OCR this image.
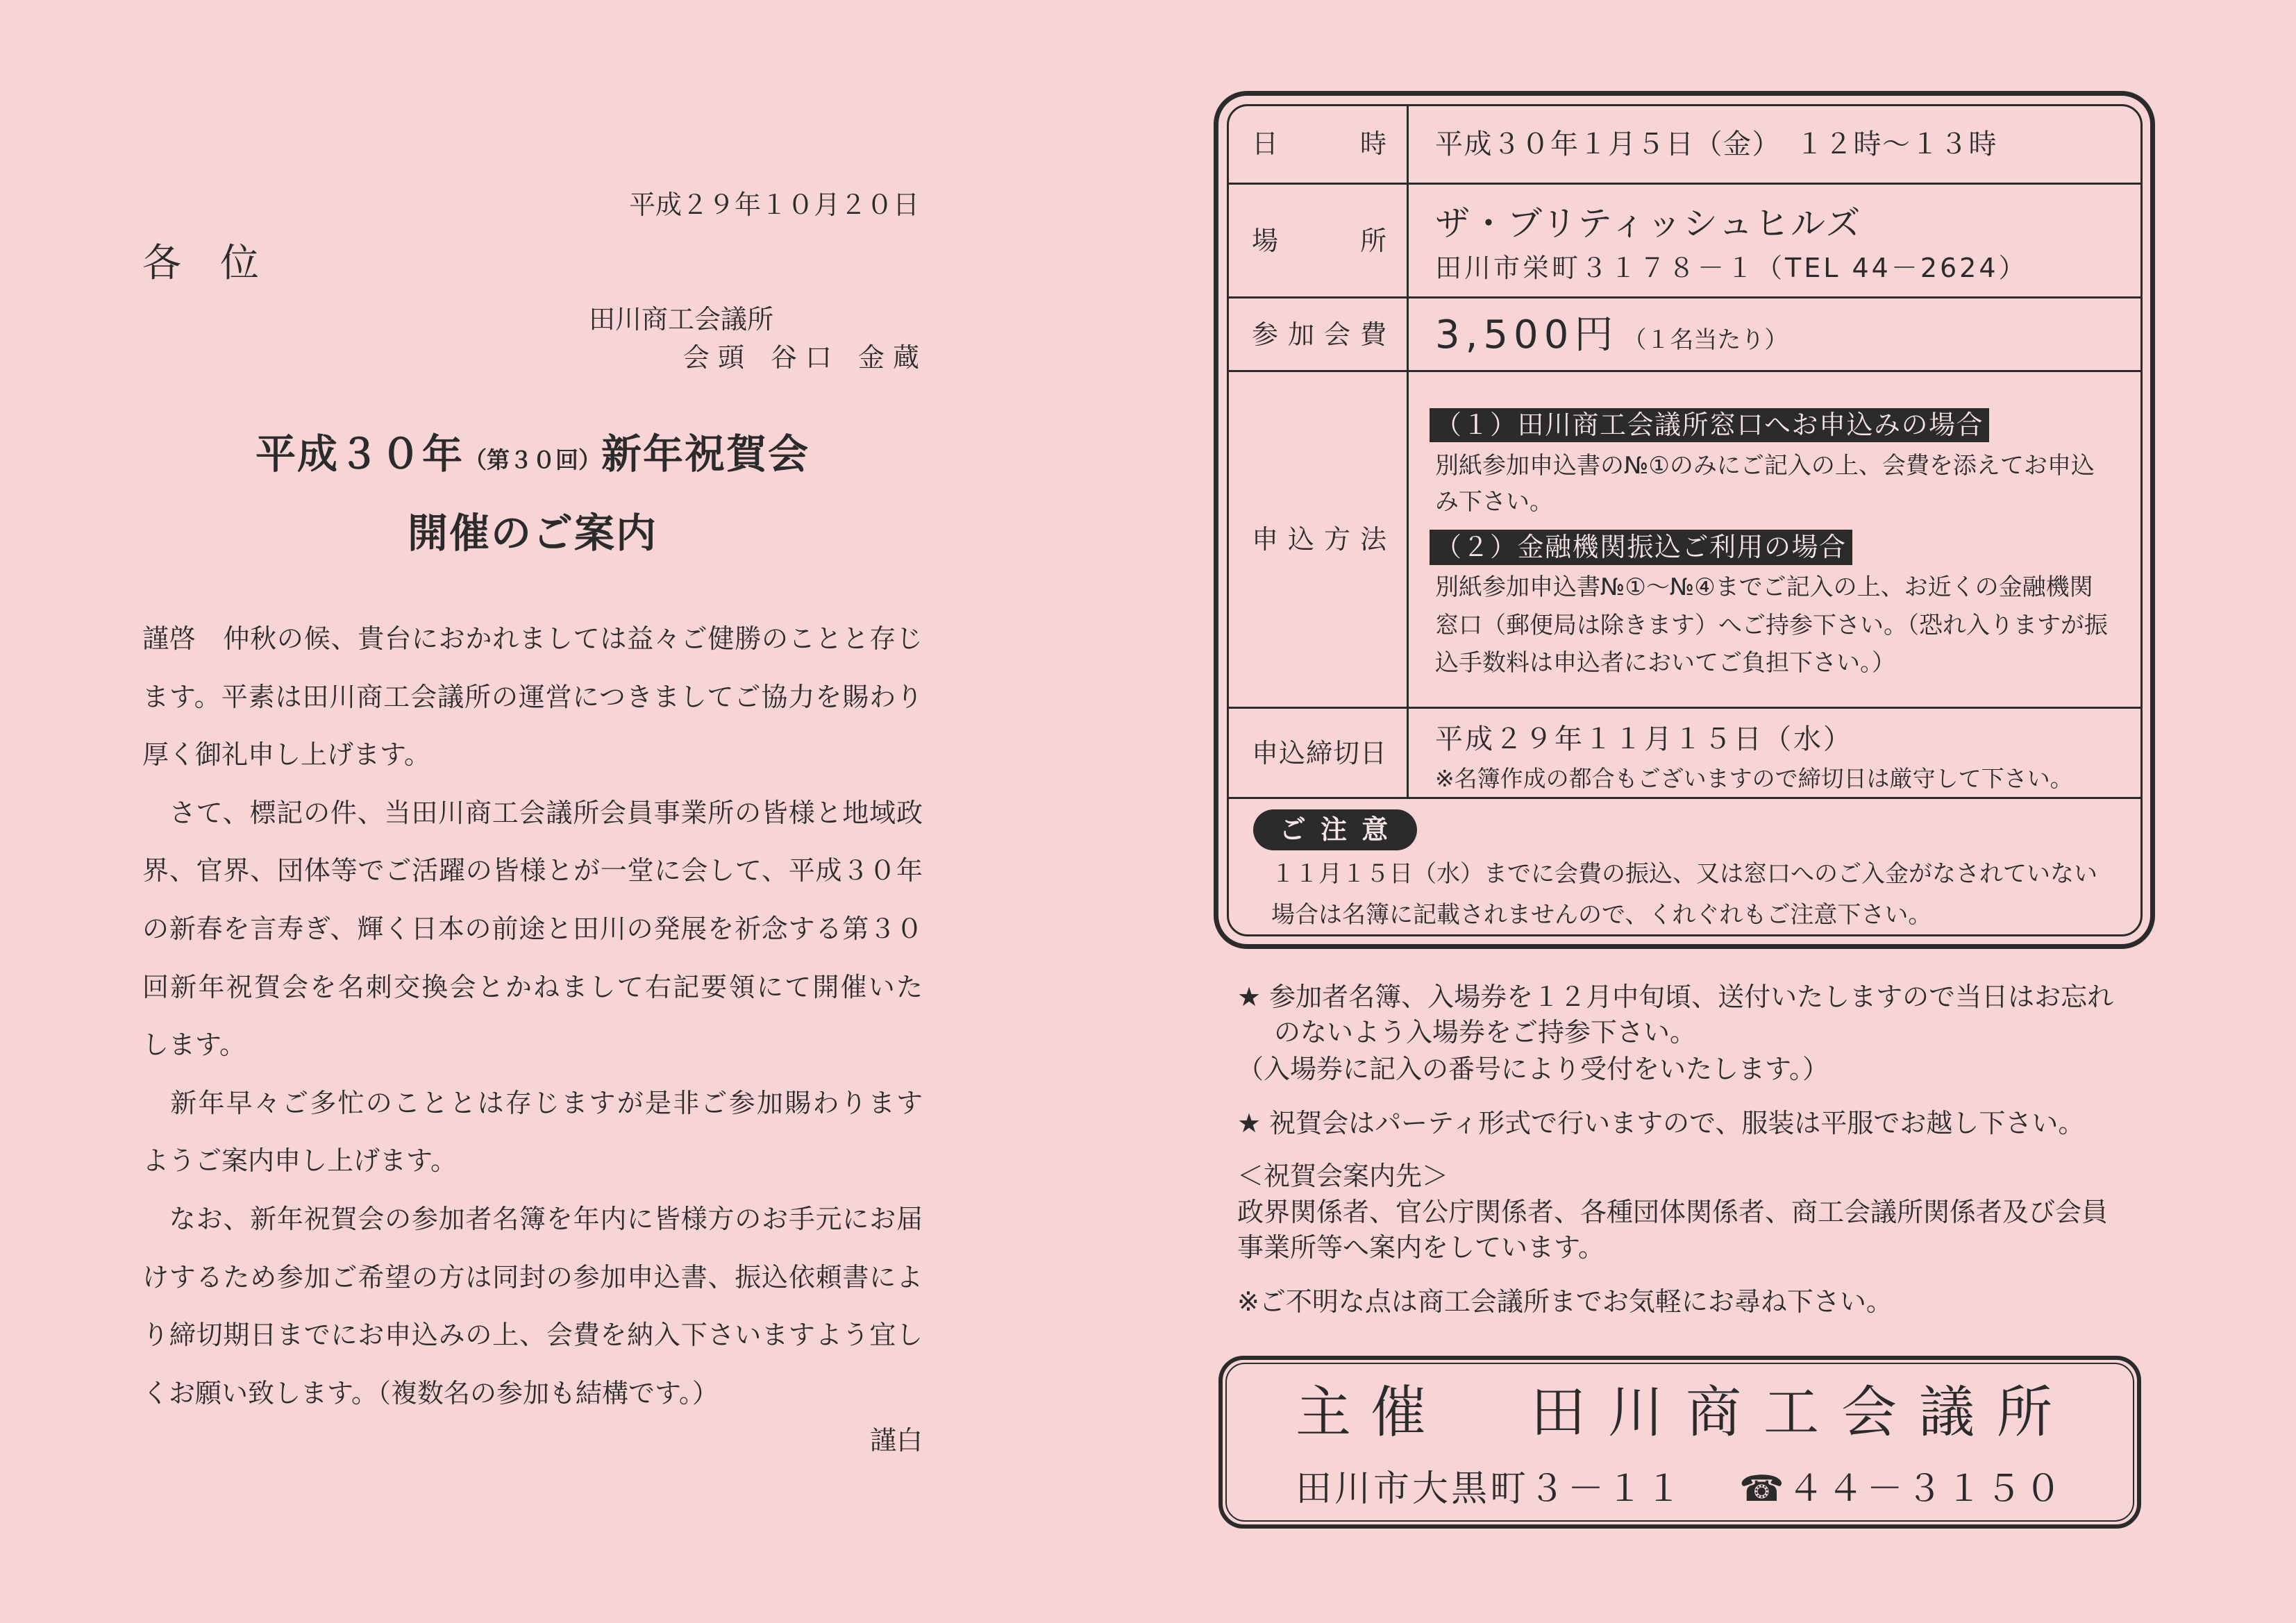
平成２９年１０月２０日
各　位
田川商工会議所
会 頭　谷 口　金 蔵
平成３０年（第３０回）新年祝賀会
開催のご案内
謹啓　仲秋の候、貴台におかれましては益々ご健勝のことと存じ
ます。平素は田川商工会議所の運営につきましてご協力を賜わり
厚く御礼申し上げます。
　さて、標記の件、当田川商工会議所会員事業所の皆様と地域政
界、官界、団体等でご活躍の皆様とが一堂に会して、平成３０年
の新春を言寿ぎ、輝く日本の前途と田川の発展を祈念する第３０
回新年祝賀会を名刺交換会とかねまして右記要領にて開催いた
します。
　新年早々ご多忙のこととは存じますが是非ご参加賜わります
ようご案内申し上げます。
　なお、新年祝賀会の参加者名簿を年内に皆様方のお手元にお届
けするため参加ご希望の方は同封の参加申込書、振込依頼書によ
り締切期日までにお申込みの上、会費を納入下さいますよう宜し
くお願い致します。（複数名の参加も結構です。）
謹白
日　時 平成３０年１月５日（金）　１２時～１３時
場　所 ザ・ブリティッシュヒルズ
田川市栄町３１７８－１（TEL 44－2624）
参加会費 3,500円 （１名当たり）
申込方法
（１）田川商工会議所窓口へお申込みの場合
別紙参加申込書の№①のみにご記入の上、会費を添えてお申込
み下さい。
（２）金融機関振込ご利用の場合
別紙参加申込書№①～№④までご記入の上、お近くの金融機関
窓口（郵便局は除きます）へご持参下さい。（恐れ入りますが振
込手数料は申込者においてご負担下さい。）
申込締切日 平成２９年１１月１５日（水）
※名簿作成の都合もございますので締切日は厳守して下さい。
ご 注 意
１１月１５日（水）までに会費の振込、又は窓口へのご入金がなされていない
場合は名簿に記載されませんので、くれぐれもご注意下さい。
★ 参加者名簿、入場券を１２月中旬頃、送付いたしますので当日はお忘れ
のないよう入場券をご持参下さい。
（入場券に記入の番号により受付をいたします。）
★ 祝賀会はパーティ形式で行いますので、服装は平服でお越し下さい。
＜祝賀会案内先＞
政界関係者、官公庁関係者、各種団体関係者、商工会議所関係者及び会員
事業所等へ案内をしています。
※ご不明な点は商工会議所までお気軽にお尋ね下さい。
主催 田川商工会議所
田川市大黒町３－１１ ☎４４－３１５０
